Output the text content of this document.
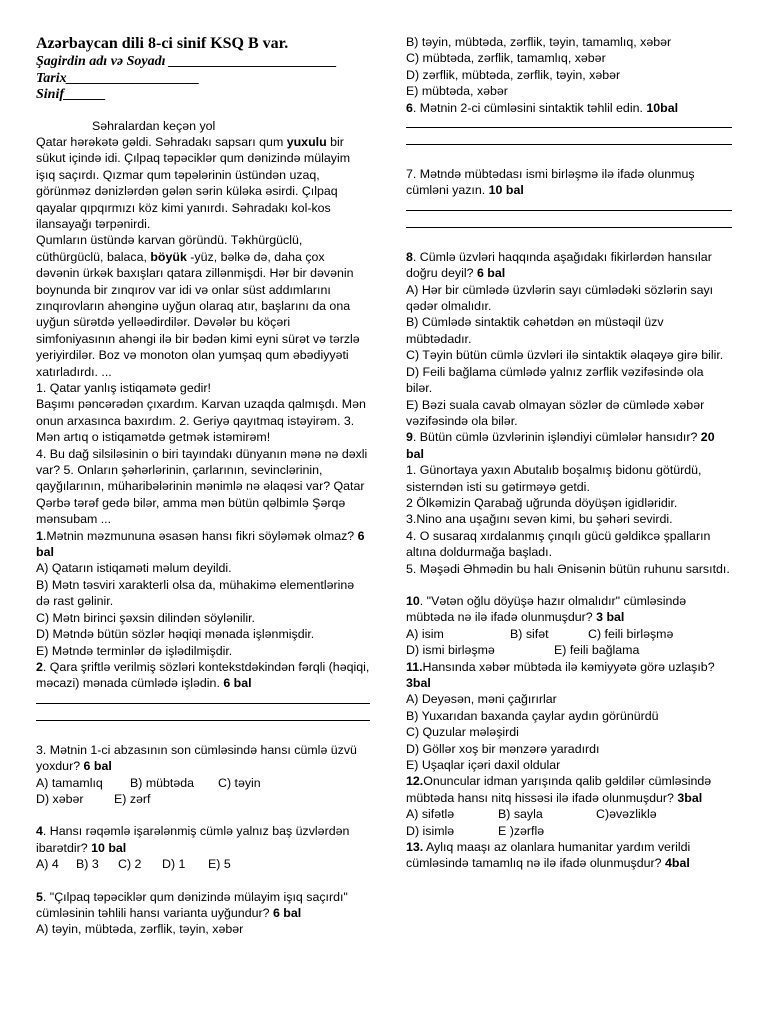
Azərbaycan dili 8-ci sinif KSQ B var.
Şagirdin adı və Soyadı ________________________
Tarix___________________
Sinif______

Səhralardan keçən yol

Qatar hərəkətə gəldi. Səhradakı sapsarı qum yuxulu bir sükut içində idi. Çılpaq təpəciklər qum dənizində mülayim işıq saçırdı. Qızmar qum təpələrinin üstündən uzaq, görünməz dənizlərdən gələn sərin küləka əsirdi. Çılpaq qayalar qıpqırmızı köz kimi yanırdı. Səhradakı kol-kos ilansayağı tərpənirdi.

Qumların üstündə karvan göründü. Təkhürgüclü, cüthürgüclü, balaca, böyük -yüz, bəlkə də, daha çox dəvənin ürkək baxışları qatara zillənmişdi. Hər bir dəvənin boynunda bir zınqırov var idi və onlar süst addımlarını zınqırovların ahənginə uyğun olaraq atır, başlarını da ona uyğun sürətdə yelləәdirdilər. Dəvələr bu köçəri simfoniyasının ahəngi ilə bir bədən kimi eyni sürət və tərzlə yeriyirdilər. Boz və monoton olan yumşaq qum əbədiyyəti xatırladırdı. ...

1. Qatar yanlış istiqamətə gedir!

Başımı pəncərədən çıxardım. Karvan uzaqda qalmışdı. Mən onun arxasınca baxırdım. 2. Geriyə qayıtmaq istəyirəm. 3. Mən artıq o istiqamətdə getmək istəmirəm!

4. Bu dağ silsiləsinin o biri tayındakı dünyanın mənə nə dəxli var? 5. Onların şəhərlərinin, çarlarının, sevinclərinin, qayğılarının, müharibələrinin mənimlə nə əlaqəsi var? Qatar Qərbə tərəf gedə bilər, amma mən bütün qəlbimlə Şərqə mənsubam ...

1.Mətnin məzmununa əsasən hansı fikri söyləmək olmaz? 6 bal

A) Qatarın istiqaməti məlum deyildi.

B) Mətn təsviri xarakterli olsa da, mühakimə elementlərinə də rast gəlinir.

C) Mətn birinci şəxsin dilindən söylənilir.

D) Mətndə bütün sözlər həqiqi mənada işlənmişdir.

E) Mətndə terminlər də işlədilmişdir.

2. Qara şriftlə verilmiş sözləri kontekstdəkindən fərqli (həqiqi, məcazi) mənada cümlədə işlədin. 6 bal

3. Mətnin 1-ci abzasının son cümləsində hansı cümlə üzvü yoxdur? 6 bal

A) tamamlıq	B) mübtəda	C) təyin
D) xəbər	E) zərf

4. Hansı rəqəmlə işarələnmiş cümlə yalnız baş üzvlərdən ibarətdir? 10 bal

A) 4	B) 3	C) 2	D) 1	E) 5

5. "Çılpaq təpəciklər qum dənizində mülayim işıq saçırdı" cümləsinin təhlili hansı varianta uyğundur? 6 bal

A) təyin, mübtəda, zərflik, təyin, xəbər

B) təyin, mübtəda, zərflik, təyin, tamamlıq, xəbər

C) mübtəda, zərflik, tamamlıq, xəbər

D) zərflik, mübtəda, zərflik, təyin, xəbər

E) mübtəda, xəbər

6. Mətnin 2-ci cümləsini sintaktik təhlil edin. 10bal

7. Mətndə mübtədası ismi birləşmə ilə ifadə olunmuş cümləni yazın. 10 bal

8. Cümlə üzvləri haqqında aşağıdakı fikirlərdən hansılar doğru deyil? 6 bal

A) Hər bir cümlədə üzvlərin sayı cümlədəki sözlərin sayı qədər olmalıdır.

B) Cümlədə sintaktik cəhətdən ən müstəqil üzv mübtədadır.

C) Təyin bütün cümlə üzvləri ilə sintaktik əlaqəyə girə bilir.

D) Feili bağlama cümlədə yalnız zərflik vəzifəsində ola bilər.

E) Bəzi suala cavab olmayan sözlər də cümlədə xəbər vəzifəsində ola bilər.

9. Bütün cümlə üzvlərinin işləndiyi cümlələr hansıdır? 20 bal

1. Günortaya yaxın Abutalıb boşalmış bidonu götürdü, sisterndən isti su gətirməyə getdi.

2 Ölkəmizin Qarabağ uğrunda döyüşən igidləridir.

3.Nino ana uşağını sevən kimi, bu şəhəri sevirdi.

4. O susaraq xırdalanmış çınqılı gücü gəldikcə şpalların altına doldurmağa başladı.

5. Məşədi Əhmədin bu halı Ənisənin bütün ruhunu sarsıtdı.

10. "Vətən oğlu döyüşə hazır olmalıdır" cümləsində mübtəda nə ilə ifadə olunmuşdur? 3 bal

A) isim	B) sifət	C) feili birləşmə
D) ismi birləşmə	E) feili bağlama

11.Hansında xəbər mübtəda ilə kəmiyyətə görə uzlaşıb? 3bal

A) Deyəsən, məni çağırırlar

B) Yuxarıdan baxanda çaylar aydın görünürdü

C) Quzular mələşirdi

D) Göllər xoş bir mənzərə yaradırdı

E) Uşaqlar içəri daxil oldular

12.Onuncular idman yarışında qalib gəldilər cümləsində mübtəda hansı nitq hissəsi ilə ifadə olunmuşdur? 3bal

A) sifətlə	B) sayla	C)əvəzliklə
D) isimlə	E )zərflə

13. Aylıq maaşı az olanlara humanitar yardım verildi cümləsində tamamlıq nə ilə ifadə olunmuşdur? 4bal
